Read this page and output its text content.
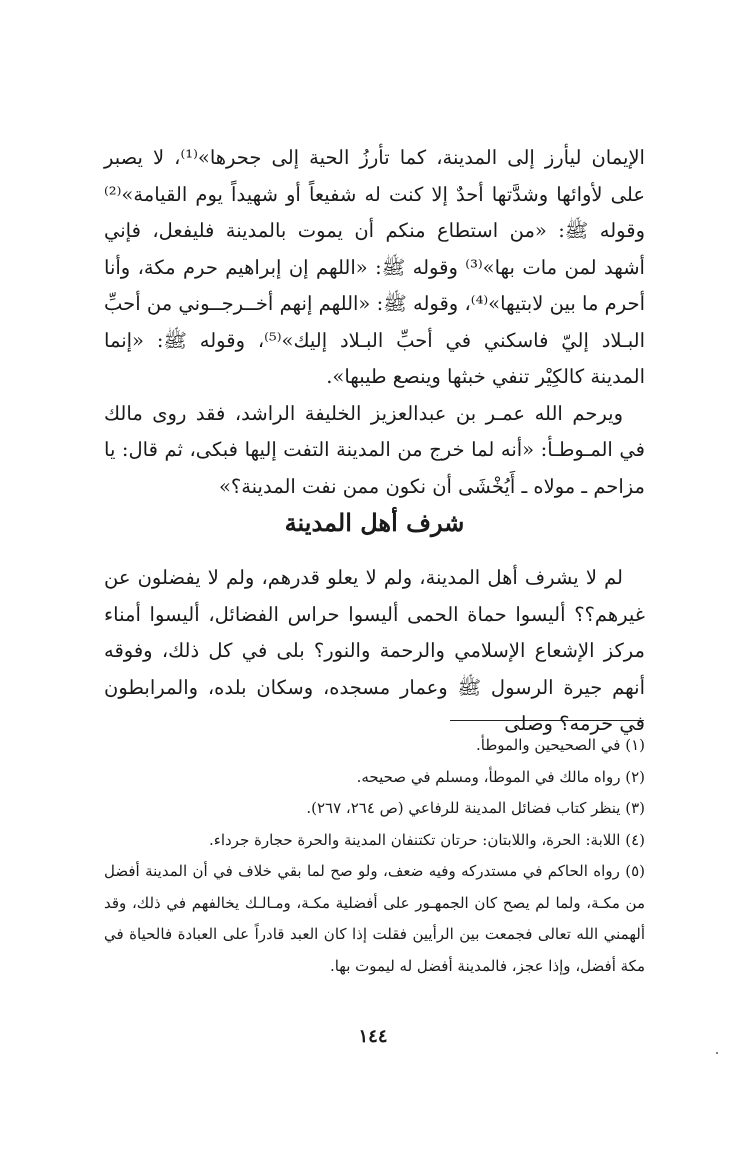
الإيمان ليأرز إلى المدينة، كما تأرزُ الحية إلى جحرها»⁽¹⁾، لا يصبر على لأوائها وشدَّتها أحدٌ إلا كنت له شفيعاً أو شهيداً يوم القيامة»⁽²⁾ وقوله ﷺ: «من استطاع منكم أن يموت بالمدينة فليفعل، فإني أشهد لمن مات بها»⁽³⁾ وقوله ﷺ: «اللهم إن إبراهيم حرم مكة، وأنا أحرم ما بين لابتيها»⁽⁴⁾، وقوله ﷺ: «اللهم إنهم أخــرجــوني من أحبِّ البـلاد إليّ فاسكني في أحبِّ البـلاد إليك»⁽⁵⁾، وقوله ﷺ: «إنما المدينة كالكِيْر تنفي خبثها وينصع طيبها».

ويرحم الله عمـر بن عبدالعزيز الخليفة الراشد، فقد روى مالك في المـوطـأ: «أنه لما خرج من المدينة التفت إليها فبكى، ثم قال: يا مزاحم ـ مولاه ـ أَيُخْشَى أن نكون ممن نفت المدينة؟»

شرف أهل المدينة

لم لا يشرف أهل المدينة، ولم لا يعلو قدرهم، ولم لا يفضلون عن غيرهم؟؟ أليسوا حماة الحمى أليسوا حراس الفضائل، أليسوا أمناء مركز الإشعاع الإسلامي والرحمة والنور؟ بلى في كل ذلك، وفوقه أنهم جيرة الرسول ﷺ وعمار مسجده، وسكان بلده، والمرابطون في حرمه؟ وصلى

(١) في الصحيحين والموطأ.

(٢) رواه مالك في الموطأ، ومسلم في صحيحه.

(٣) ينظر كتاب فضائل المدينة للرفاعي (ص ٢٦٤، ٢٦٧).

(٤) اللابة: الحرة، واللابتان: حرتان تكتنفان المدينة والحرة حجارة جرداء.

(٥) رواه الحاكم في مستدركه وفيه ضعف، ولو صح لما بقي خلاف في أن المدينة أفضل من مكـة، ولما لم يصح كان الجمهـور على أفضلية مكـة، ومـالـك يخالفهم في ذلك، وقد ألهمني الله تعالى فجمعت بين الرأيين فقلت إذا كان العبد قادراً على العبادة فالحياة في مكة أفضل، وإذا عجز، فالمدينة أفضل له ليموت بها.

١٤٤
